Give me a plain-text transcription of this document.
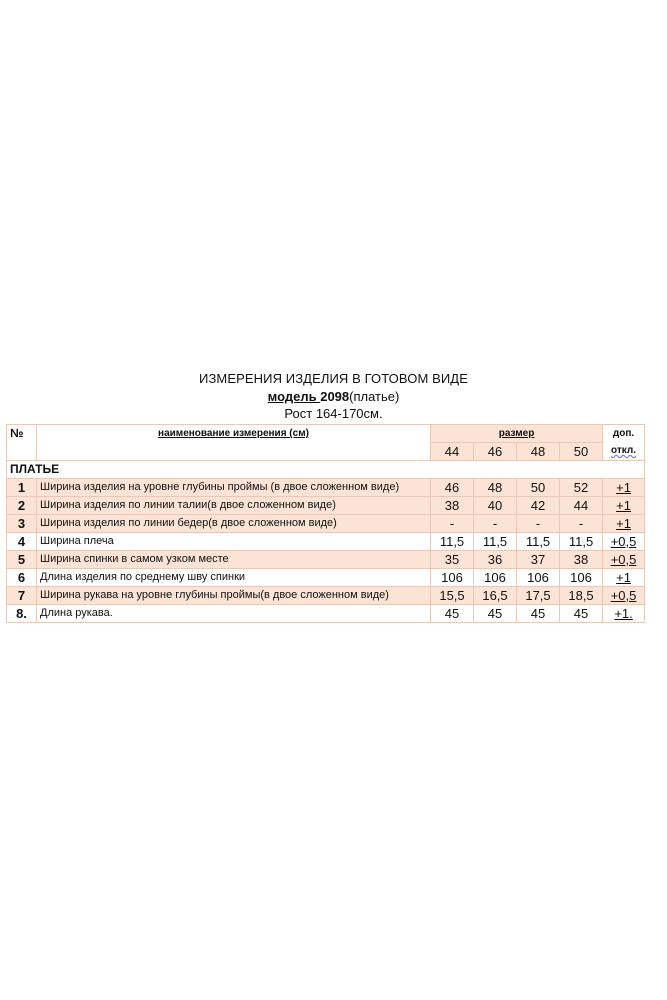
ИЗМЕРЕНИЯ ИЗДЕЛИЯ В ГОТОВОМ ВИДЕ
модель 2098(платье)
Рост 164-170см.
№	наименование измерения (см)	размер				доп.
откл.
		44	46	48	50	
ПЛАТЬЕ						
1	Ширина изделия на уровне глубины проймы (в двое сложенном виде)	46	48	50	52	+1
2	Ширина изделия по линии талии(в двое сложенном виде)	38	40	42	44	+1
3	Ширина изделия по линии бедер(в двое сложенном виде)	-	-	-	-	+1
4	Ширина плеча	11,5	11,5	11,5	11,5	+0,5
5	Ширина спинки в самом узком месте	35	36	37	38	+0,5
6	Длина изделия по среднему шву спинки	106	106	106	106	+1
7	Ширина рукава на уровне глубины проймы(в двое сложенном виде)	15,5	16,5	17,5	18,5	+0,5
8.	Длина рукава.	45	45	45	45	+1.
